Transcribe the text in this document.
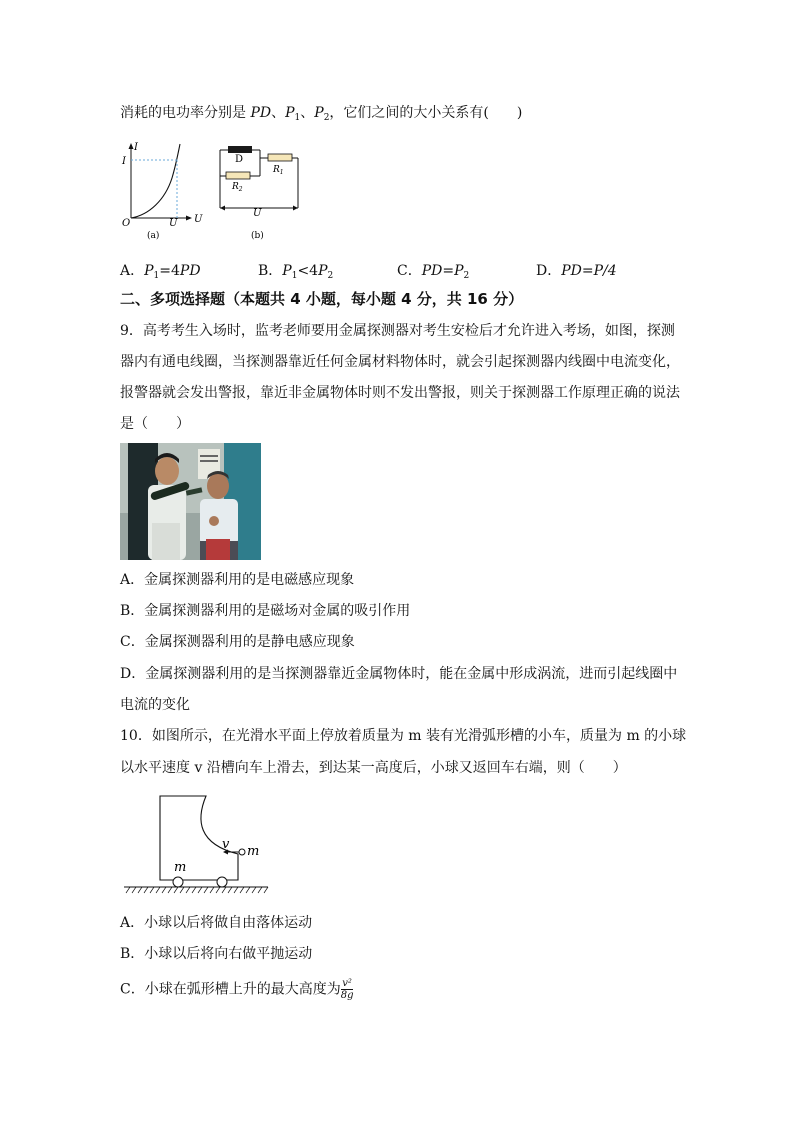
消耗的电功率分别是 PD、$P_1$、$P_2$，它们之间的大小关系有(　　)
I
I
O	U U
(a)
D
$R_1$
$R_2$
U
(b)
A．$P_1=4PD$	B．$P_1<4P_2$	C．$PD=P_2$	D．PD=P/4
二、多项选择题（本题共 4 小题，每小题 4 分，共 16 分）
9．高考考生入场时，监考老师要用金属探测器对考生安检后才允许进入考场，如图，探测
器内有通电线圈，当探测器靠近任何金属材料物体时，就会引起探测器内线圈中电流变化，
报警器就会发出警报，靠近非金属物体时则不发出警报，则关于探测器工作原理正确的说法
是（　　）
A．金属探测器利用的是电磁感应现象
B．金属探测器利用的是磁场对金属的吸引作用
C．金属探测器利用的是静电感应现象
D．金属探测器利用的是当探测器靠近金属物体时，能在金属中形成涡流，进而引起线圈中
电流的变化
10．如图所示，在光滑水平面上停放着质量为 m 装有光滑弧形槽的小车，质量为 m 的小球
以水平速度 v 沿槽向车上滑去，到达某一高度后，小球又返回车右端，则（　　）
v m
m
A．小球以后将做自由落体运动
B．小球以后将向右做平抛运动
C．小球在弧形槽上升的最大高度为 $\frac{\text{v²}}{8g}$
